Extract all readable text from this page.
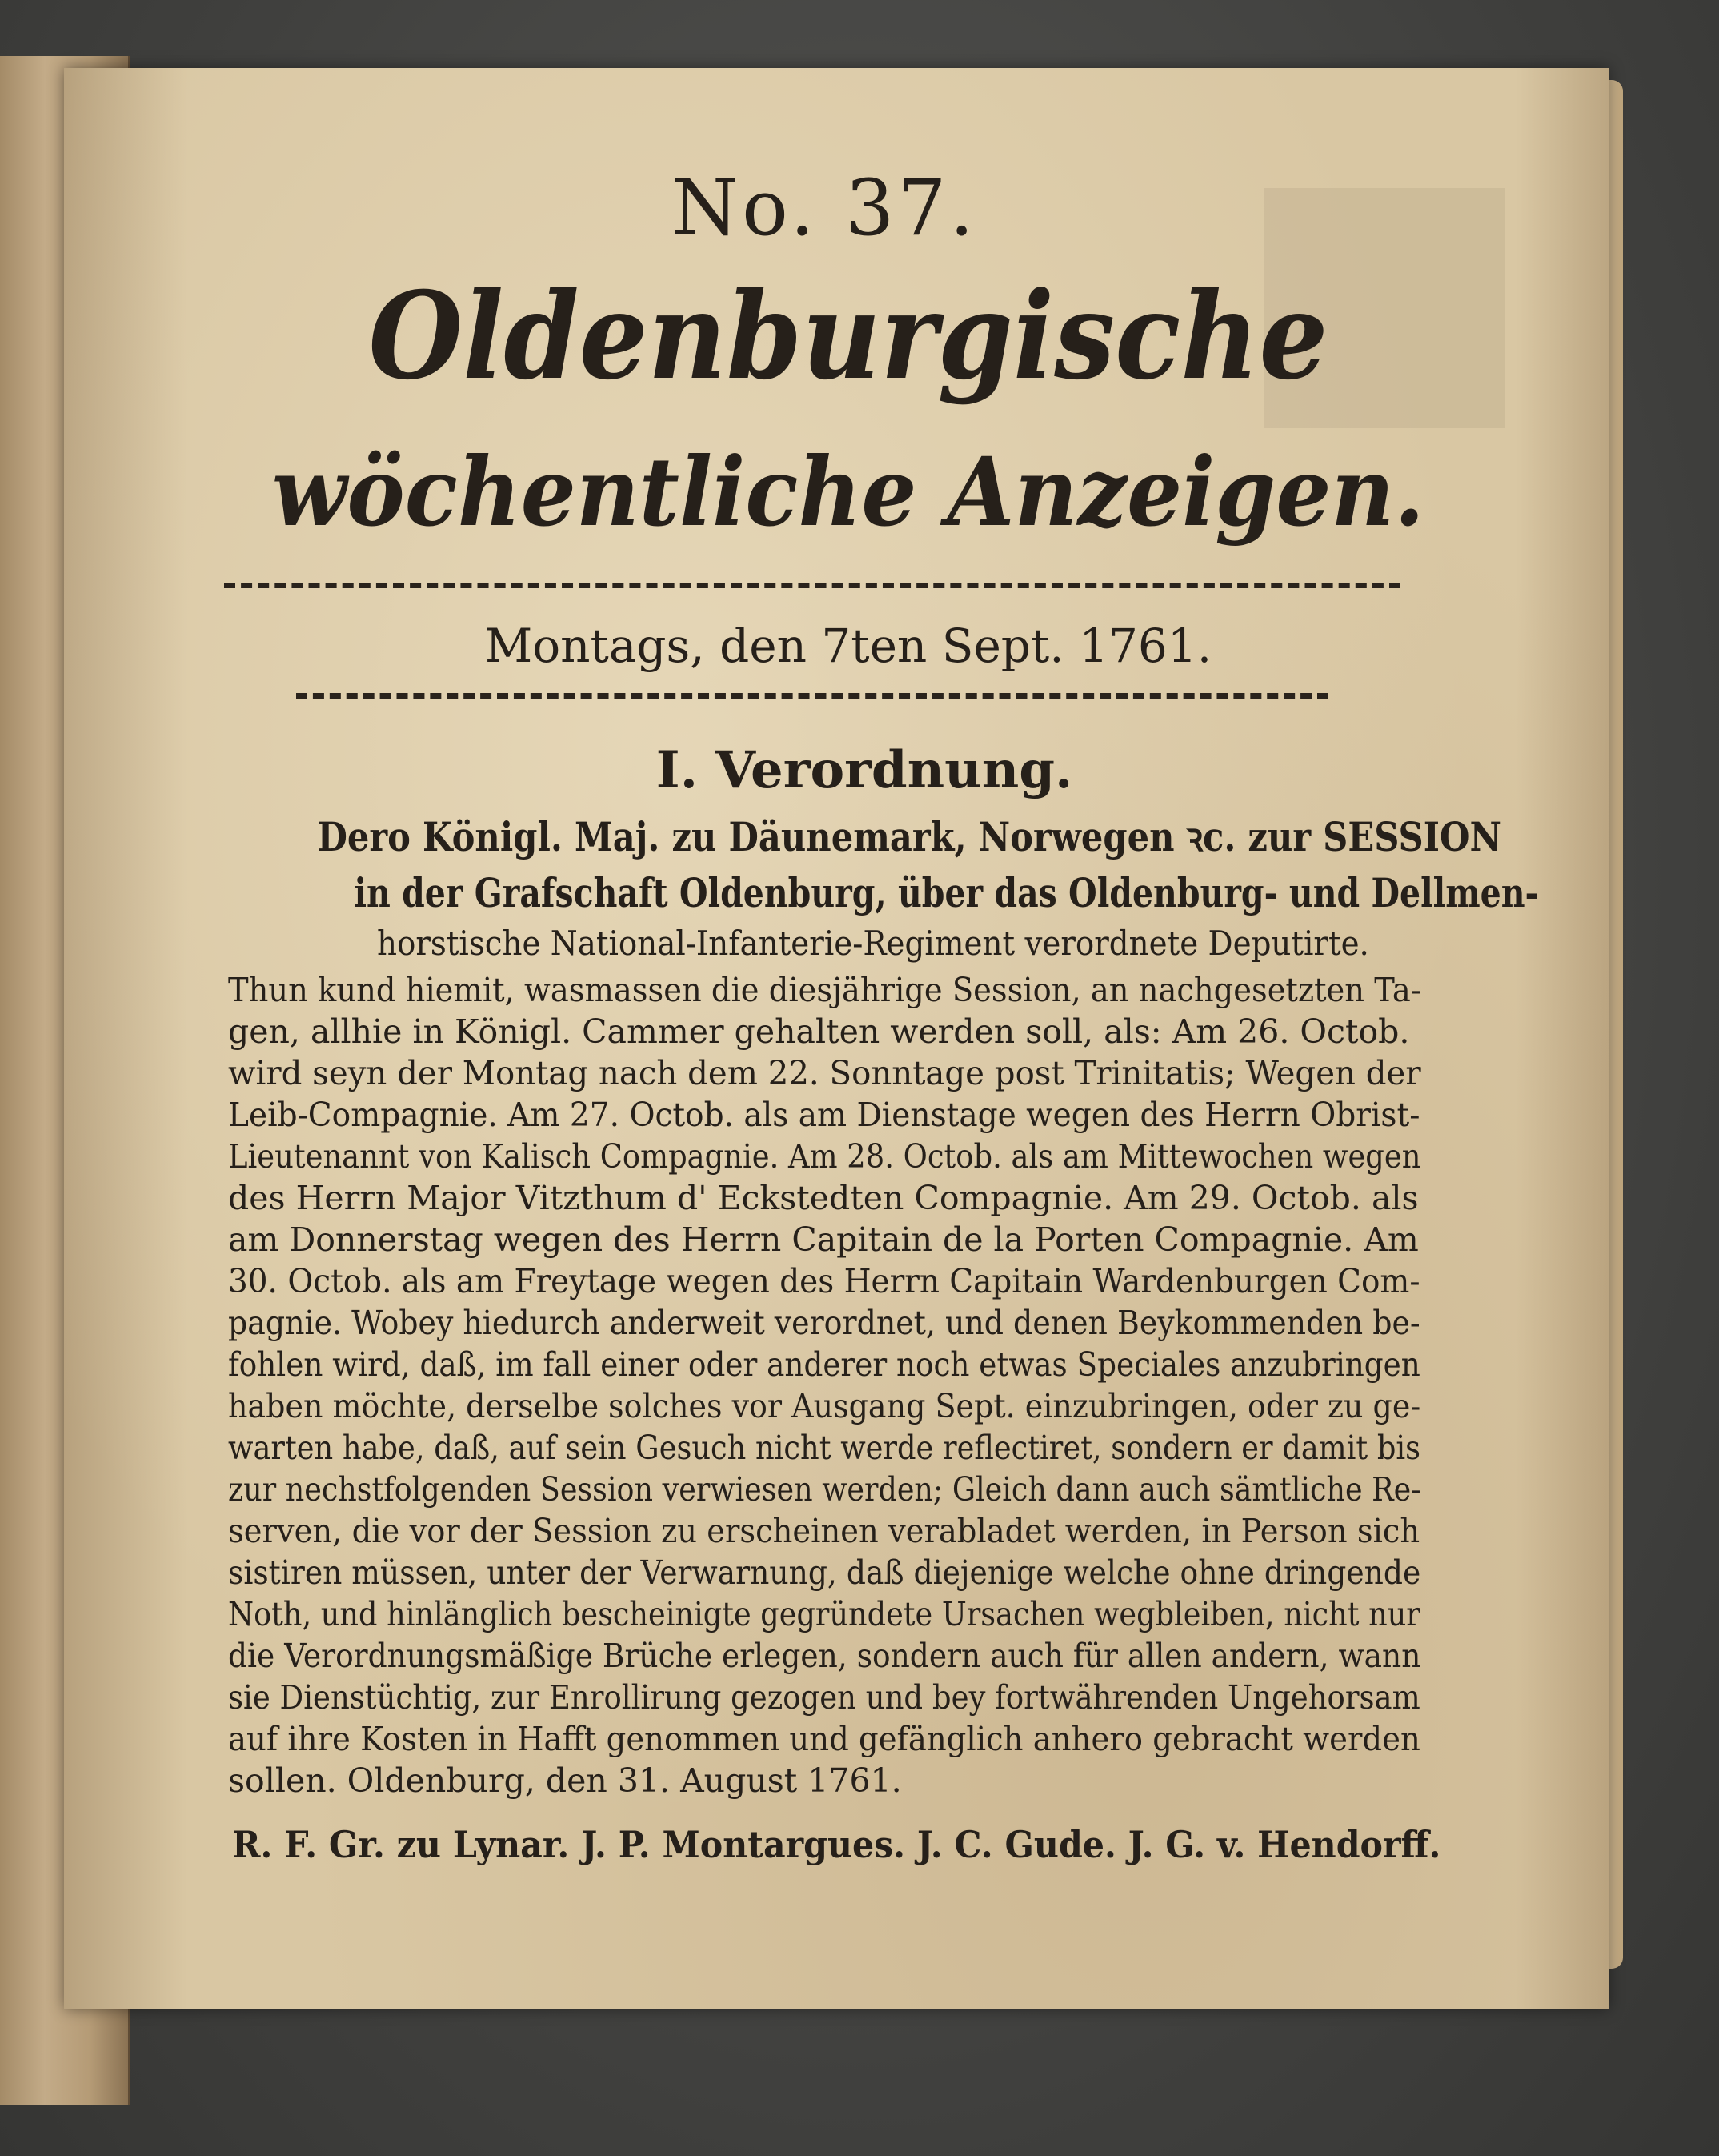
No. 37.
Oldenburgische
wöchentliche Anzeigen.
Montags, den 7ten Sept. 1761.
I. Verordnung.
Dero Königl. Maj. zu Däunemark, Norwegen ꝛc. zur SESSION
in der Grafschaft Oldenburg, über das Oldenburg- und Dellmen-
horstische National-Infanterie-Regiment verordnete Deputirte.
Thun kund hiemit, wasmassen die diesjährige Session, an nachgesetzten Ta-
gen, allhie in Königl. Cammer gehalten werden soll, als: Am 26. Octob.
wird seyn der Montag nach dem 22. Sonntage post Trinitatis; Wegen der
Leib-Compagnie. Am 27. Octob. als am Dienstage wegen des Herrn Obrist-
Lieutenannt von Kalisch Compagnie. Am 28. Octob. als am Mittewochen wegen
des Herrn Major Vitzthum d' Eckstedten Compagnie. Am 29. Octob. als
am Donnerstag wegen des Herrn Capitain de la Porten Compagnie. Am
30. Octob. als am Freytage wegen des Herrn Capitain Wardenburgen Com-
pagnie. Wobey hiedurch anderweit verordnet, und denen Beykommenden be-
fohlen wird, daß, im fall einer oder anderer noch etwas Speciales anzubringen
haben möchte, derselbe solches vor Ausgang Sept. einzubringen, oder zu ge-
warten habe, daß, auf sein Gesuch nicht werde reflectiret, sondern er damit bis
zur nechstfolgenden Session verwiesen werden; Gleich dann auch sämtliche Re-
serven, die vor der Session zu erscheinen verabladet werden, in Person sich
sistiren müssen, unter der Verwarnung, daß diejenige welche ohne dringende
Noth, und hinlänglich bescheinigte gegründete Ursachen wegbleiben, nicht nur
die Verordnungsmäßige Brüche erlegen, sondern auch für allen andern, wann
sie Dienstüchtig, zur Enrollirung gezogen und bey fortwährenden Ungehorsam
auf ihre Kosten in Hafft genommen und gefänglich anhero gebracht werden
sollen. Oldenburg, den 31. August 1761.
R. F. Gr. zu Lynar. J. P. Montargues. J. C. Gude. J. G. v. Hendorff.
